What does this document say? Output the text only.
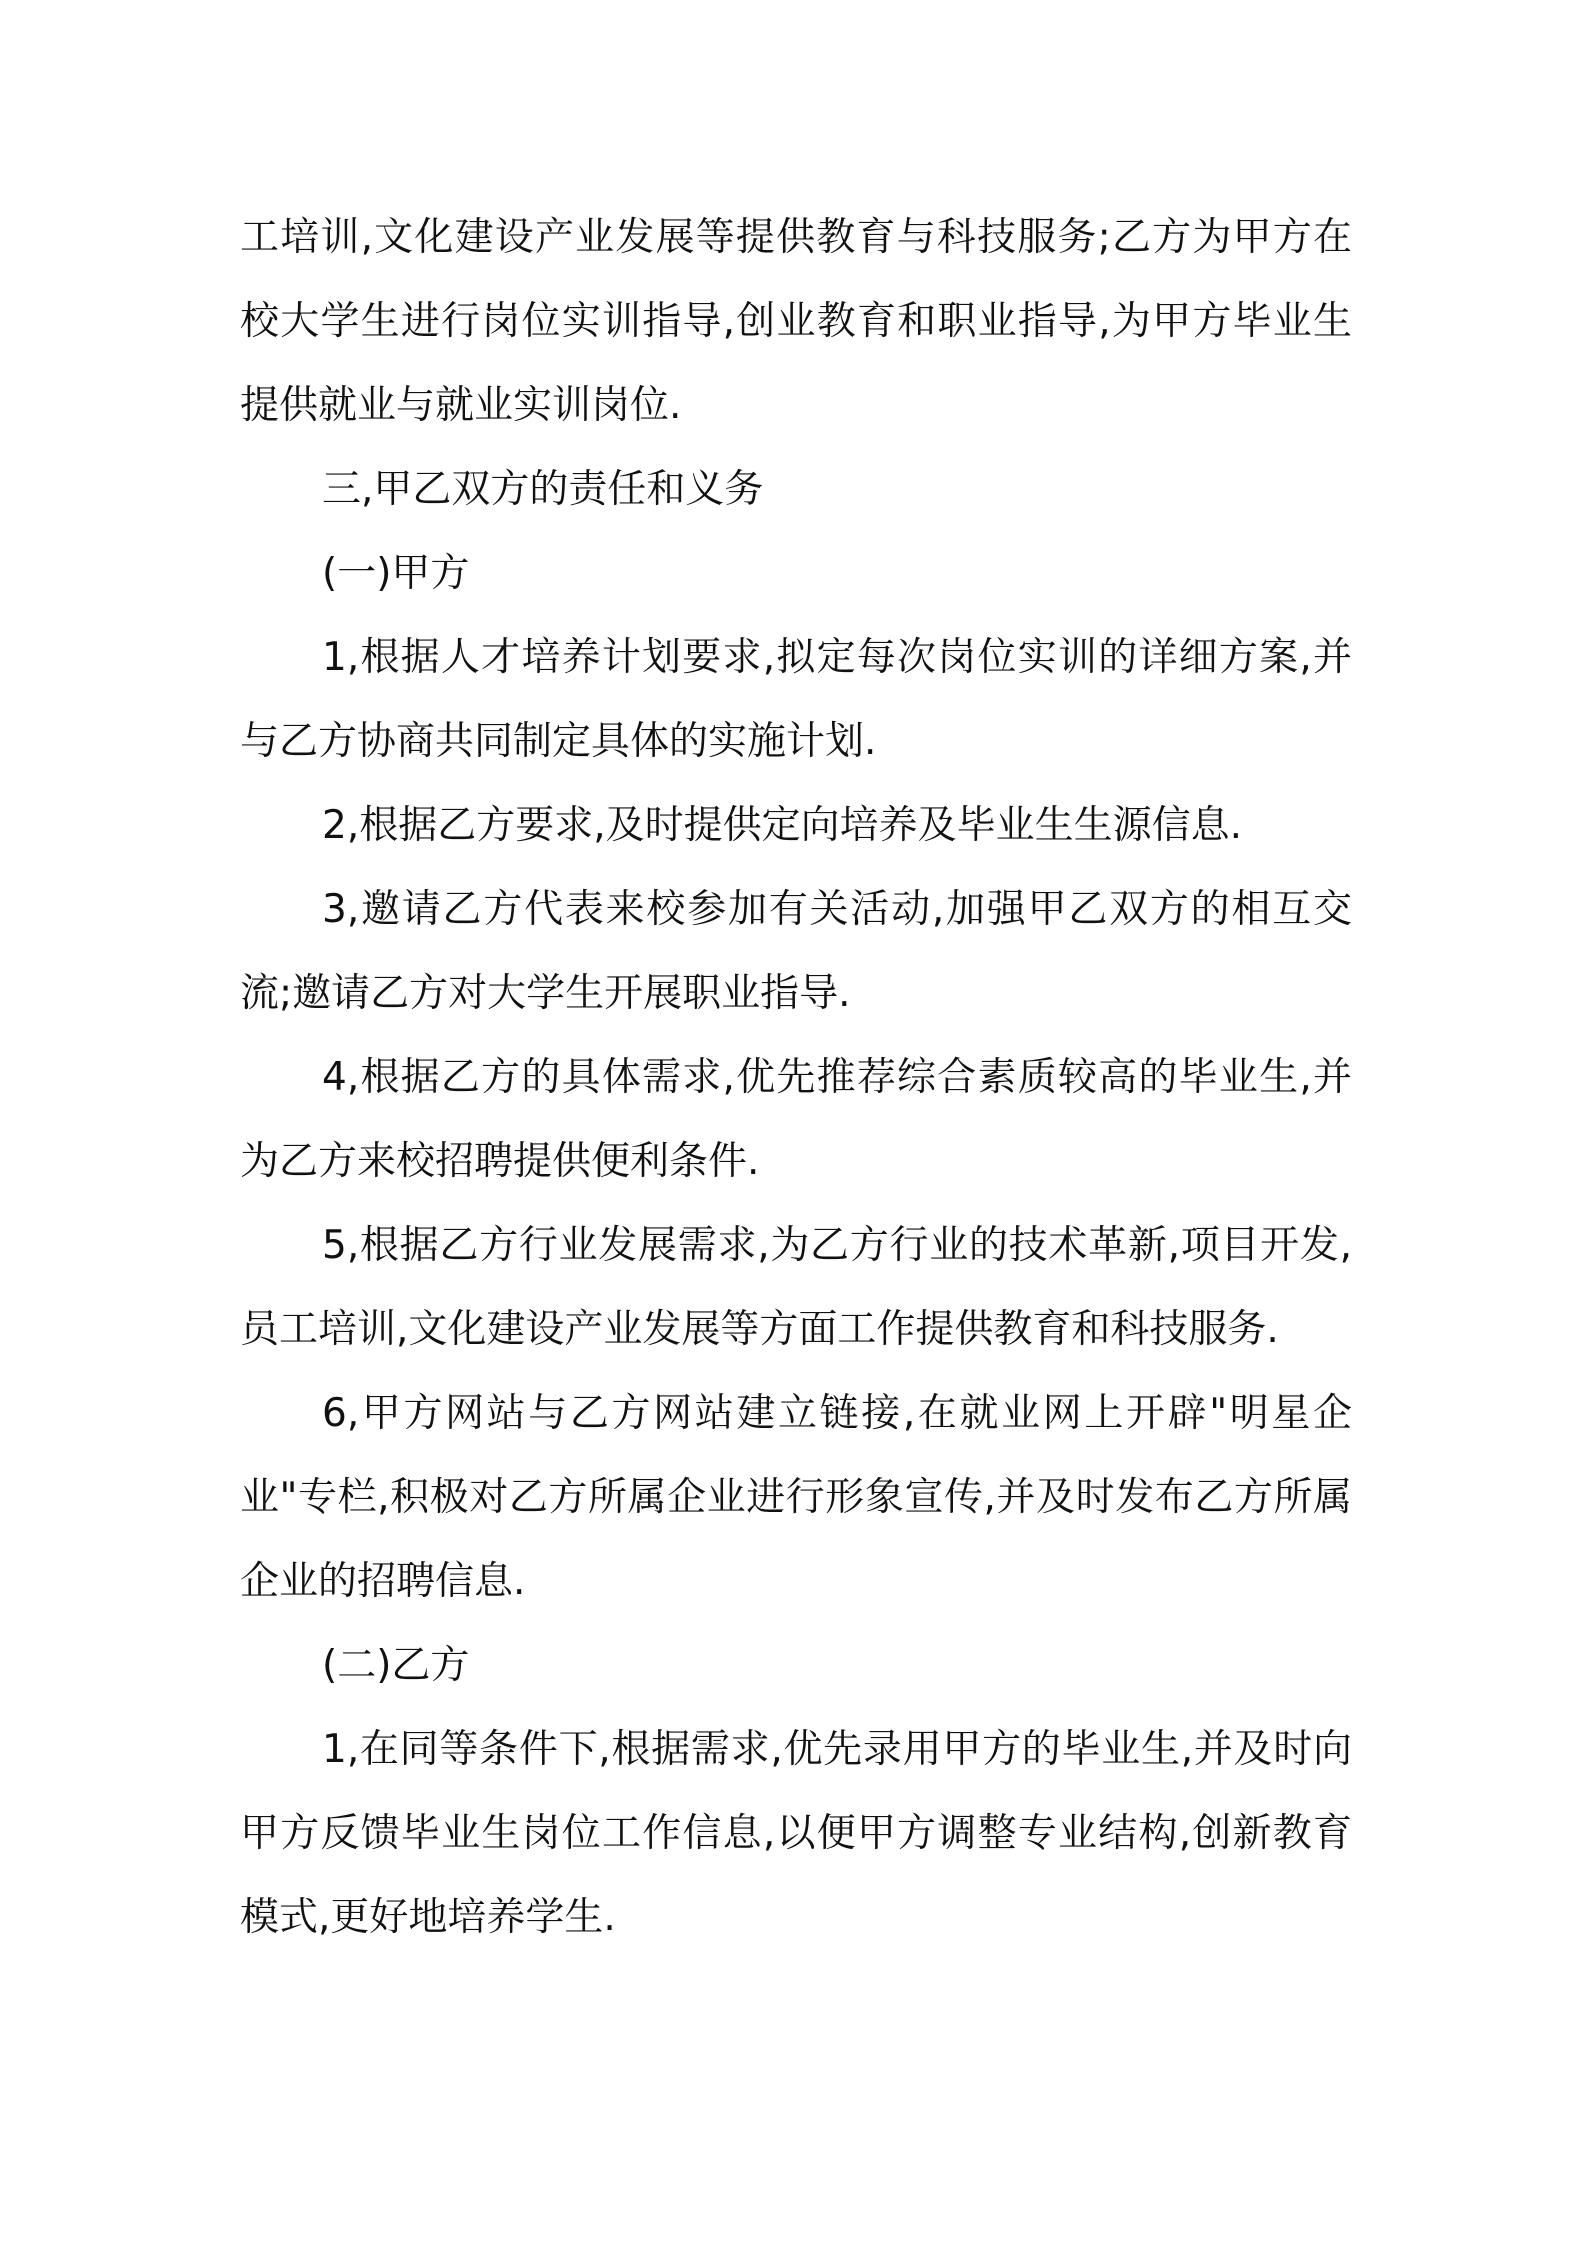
工培训,文化建设产业发展等提供教育与科技服务;乙方为甲方在校大学生进行岗位实训指导,创业教育和职业指导,为甲方毕业生提供就业与就业实训岗位.

三,甲乙双方的责任和义务

(一)甲方

1,根据人才培养计划要求,拟定每次岗位实训的详细方案,并与乙方协商共同制定具体的实施计划.

2,根据乙方要求,及时提供定向培养及毕业生生源信息.

3,邀请乙方代表来校参加有关活动,加强甲乙双方的相互交流;邀请乙方对大学生开展职业指导.

4,根据乙方的具体需求,优先推荐综合素质较高的毕业生,并为乙方来校招聘提供便利条件.

5,根据乙方行业发展需求,为乙方行业的技术革新,项目开发,员工培训,文化建设产业发展等方面工作提供教育和科技服务.

6,甲方网站与乙方网站建立链接,在就业网上开辟"明星企业"专栏,积极对乙方所属企业进行形象宣传,并及时发布乙方所属企业的招聘信息.

(二)乙方

1,在同等条件下,根据需求,优先录用甲方的毕业生,并及时向甲方反馈毕业生岗位工作信息,以便甲方调整专业结构,创新教育模式,更好地培养学生.
